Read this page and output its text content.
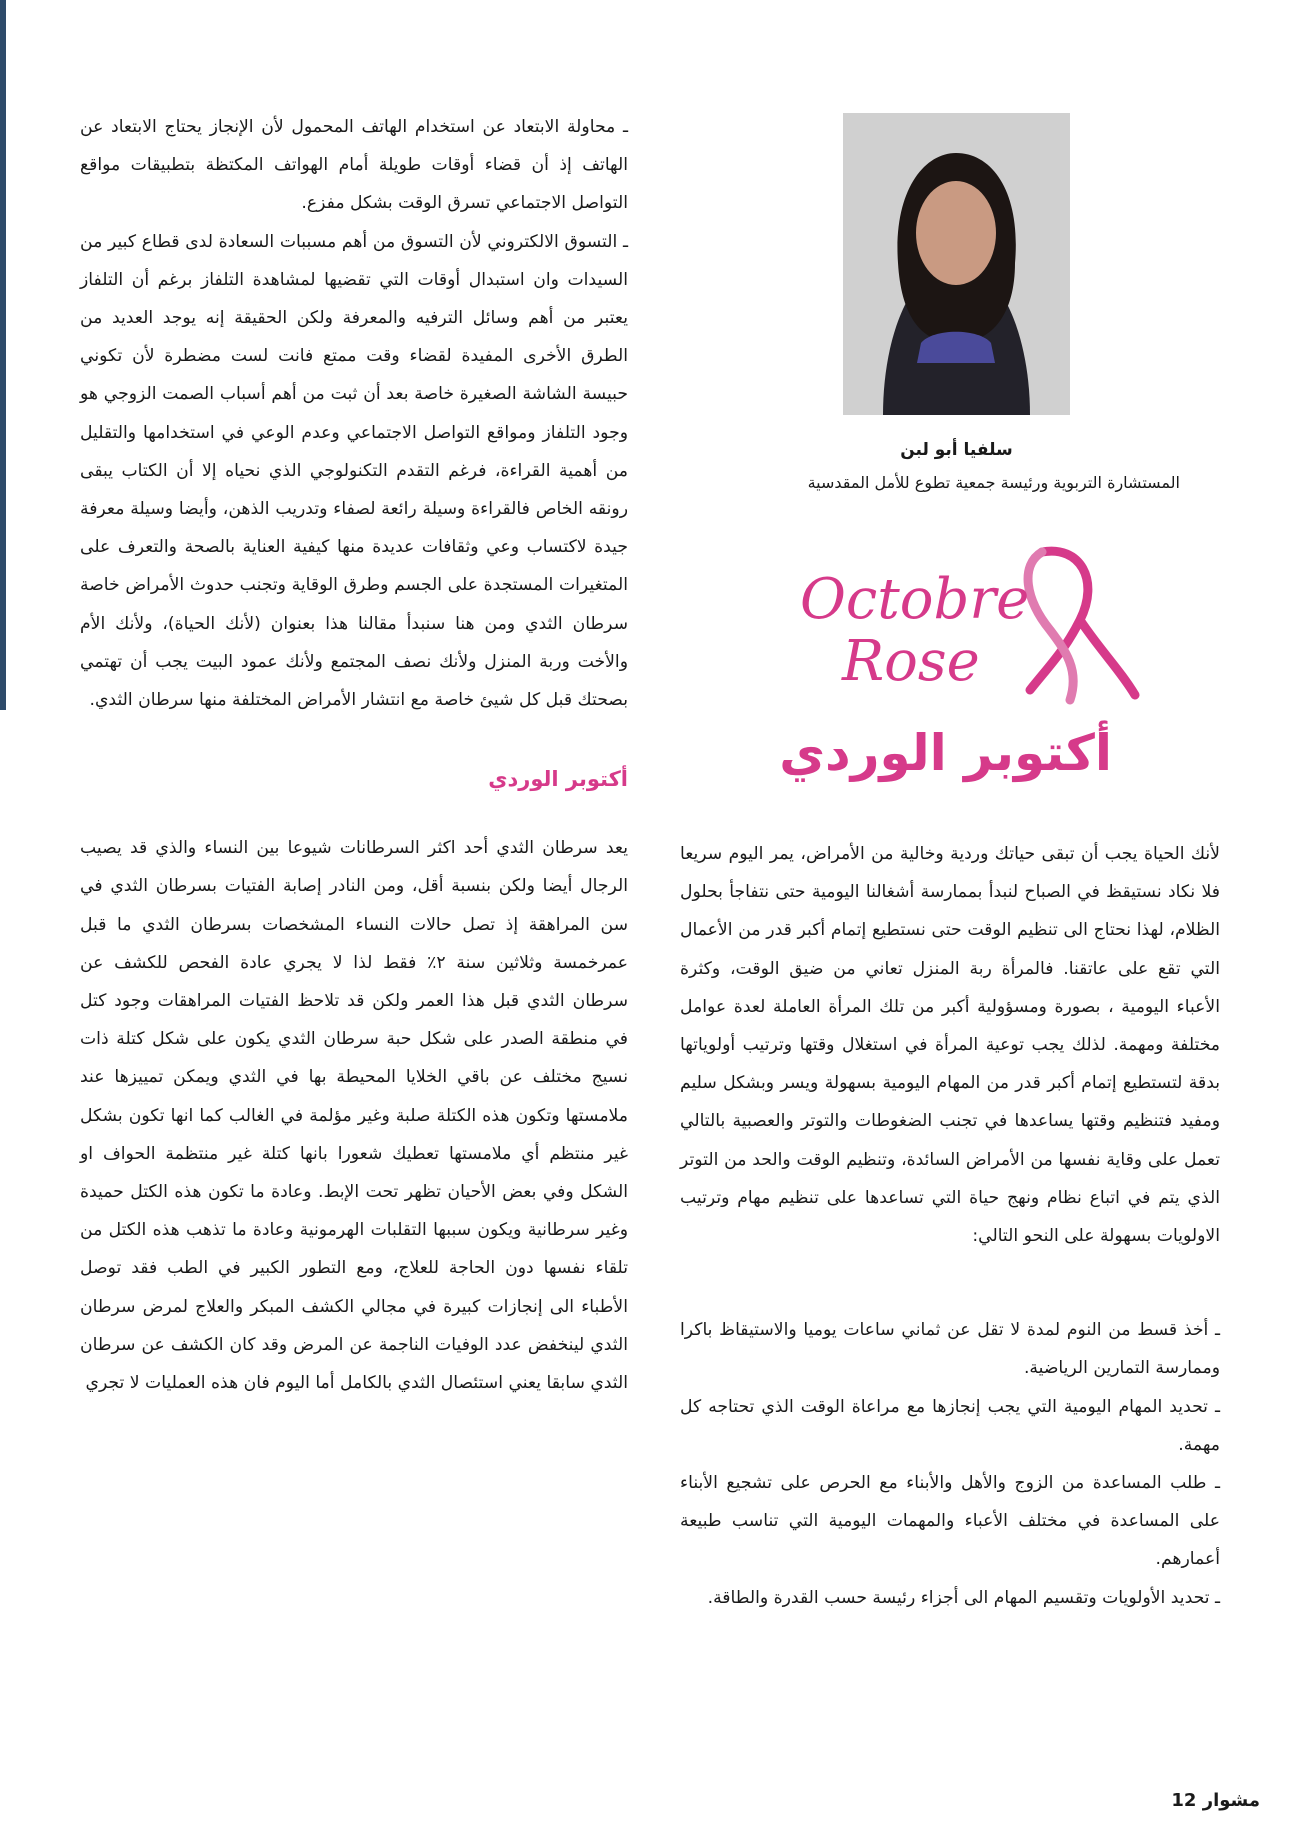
ـ محاولة الابتعاد عن استخدام الهاتف المحمول لأن الإنجاز يحتاج الابتعاد عن الهاتف إذ أن قضاء أوقات طويلة أمام الهواتف المكتظة بتطبيقات مواقع التواصل الاجتماعي تسرق الوقت بشكل مفزع.

ـ التسوق الالكتروني لأن التسوق من أهم مسببات السعادة لدى قطاع كبير من السيدات وان استبدال أوقات التي تقضيها لمشاهدة التلفاز برغم أن التلفاز يعتبر من أهم وسائل الترفيه والمعرفة ولكن الحقيقة إنه يوجد العديد من الطرق الأخرى المفيدة لقضاء وقت ممتع فانت لست مضطرة لأن تكوني حبيسة الشاشة الصغيرة خاصة بعد أن ثبت من أهم أسباب الصمت الزوجي هو وجود التلفاز ومواقع التواصل الاجتماعي وعدم الوعي في استخدامها والتقليل من أهمية القراءة، فرغم التقدم التكنولوجي الذي نحياه إلا أن الكتاب يبقى رونقه الخاص فالقراءة وسيلة رائعة لصفاء وتدريب الذهن، وأيضا وسيلة معرفة جيدة لاكتساب وعي وثقافات عديدة منها كيفية العناية بالصحة والتعرف على المتغيرات المستجدة على الجسم وطرق الوقاية وتجنب حدوث الأمراض خاصة سرطان الثدي ومن هنا سنبدأ مقالنا هذا بعنوان (لأنك الحياة)، ولأنك الأم والأخت وربة المنزل ولأنك نصف المجتمع ولأنك عمود البيت يجب أن تهتمي بصحتك قبل كل شيئ خاصة مع انتشار الأمراض المختلفة منها سرطان الثدي.

أكتوبر الوردي

يعد سرطان الثدي أحد اكثر السرطانات شيوعا بين النساء والذي قد يصيب الرجال أيضا ولكن بنسبة أقل، ومن النادر إصابة الفتيات بسرطان الثدي في سن المراهقة إذ تصل حالات النساء المشخصات بسرطان الثدي ما قبل عمرخمسة وثلاثين سنة ٢٪ فقط لذا لا يجري عادة الفحص للكشف عن سرطان الثدي قبل هذا العمر ولكن قد تلاحظ الفتيات المراهقات وجود كتل في منطقة الصدر على شكل حبة سرطان الثدي يكون على شكل كتلة ذات نسيج مختلف عن باقي الخلايا المحيطة بها في الثدي ويمكن تمييزها عند ملامستها وتكون هذه الكتلة صلبة وغير مؤلمة في الغالب كما انها تكون بشكل غير منتظم أي ملامستها تعطيك شعورا بانها كتلة غير منتظمة الحواف او الشكل وفي بعض الأحيان تظهر تحت الإبط. وعادة ما تكون هذه الكتل حميدة وغير سرطانية ويكون سببها التقلبات الهرمونية وعادة ما تذهب هذه الكتل من تلقاء نفسها دون الحاجة للعلاج، ومع التطور الكبير في الطب فقد توصل الأطباء الى إنجازات كبيرة في مجالي الكشف المبكر والعلاج لمرض سرطان الثدي لينخفض عدد الوفيات الناجمة عن المرض وقد كان الكشف عن سرطان الثدي سابقا يعني استئصال الثدي بالكامل أما اليوم فان هذه العمليات لا تجري

سلفيا أبو لبن
المستشارة التربوية ورئيسة جمعية تطوع للأمل المقدسية
Octobre
Rose
أكتوبر الوردي

لأنك الحياة يجب أن تبقى حياتك وردية وخالية من الأمراض، يمر اليوم سريعا فلا نكاد نستيقظ في الصباح لنبدأ بممارسة أشغالنا اليومية حتى نتفاجأ بحلول الظلام، لهذا نحتاج الى تنظيم الوقت حتى نستطيع إتمام أكبر قدر من الأعمال التي تقع على عاتقنا. فالمرأة ربة المنزل تعاني من ضيق الوقت، وكثرة الأعباء اليومية ، بصورة ومسؤولية أكبر من تلك المرأة العاملة لعدة عوامل مختلفة ومهمة. لذلك يجب توعية المرأة في استغلال وقتها وترتيب أولوياتها بدقة لتستطيع إتمام أكبر قدر من المهام اليومية بسهولة ويسر وبشكل سليم ومفيد فتنظيم وقتها يساعدها في تجنب الضغوطات والتوتر والعصبية بالتالي تعمل على وقاية نفسها من الأمراض السائدة، وتنظيم الوقت والحد من التوتر الذي يتم في اتباع نظام ونهج حياة التي تساعدها على تنظيم مهام وترتيب الاولويات بسهولة على النحو التالي:

ـ أخذ قسط من النوم لمدة لا تقل عن ثماني ساعات يوميا والاستيقاظ باكرا وممارسة التمارين الرياضية.

ـ تحديد المهام اليومية التي يجب إنجازها مع مراعاة الوقت الذي تحتاجه كل مهمة.

ـ طلب المساعدة من الزوج والأهل والأبناء مع الحرص على تشجيع الأبناء على المساعدة في مختلف الأعباء والمهمات اليومية التي تناسب طبيعة أعمارهم.

ـ تحديد الأولويات وتقسيم المهام الى أجزاء رئيسة حسب القدرة والطاقة.

مشوار 12
